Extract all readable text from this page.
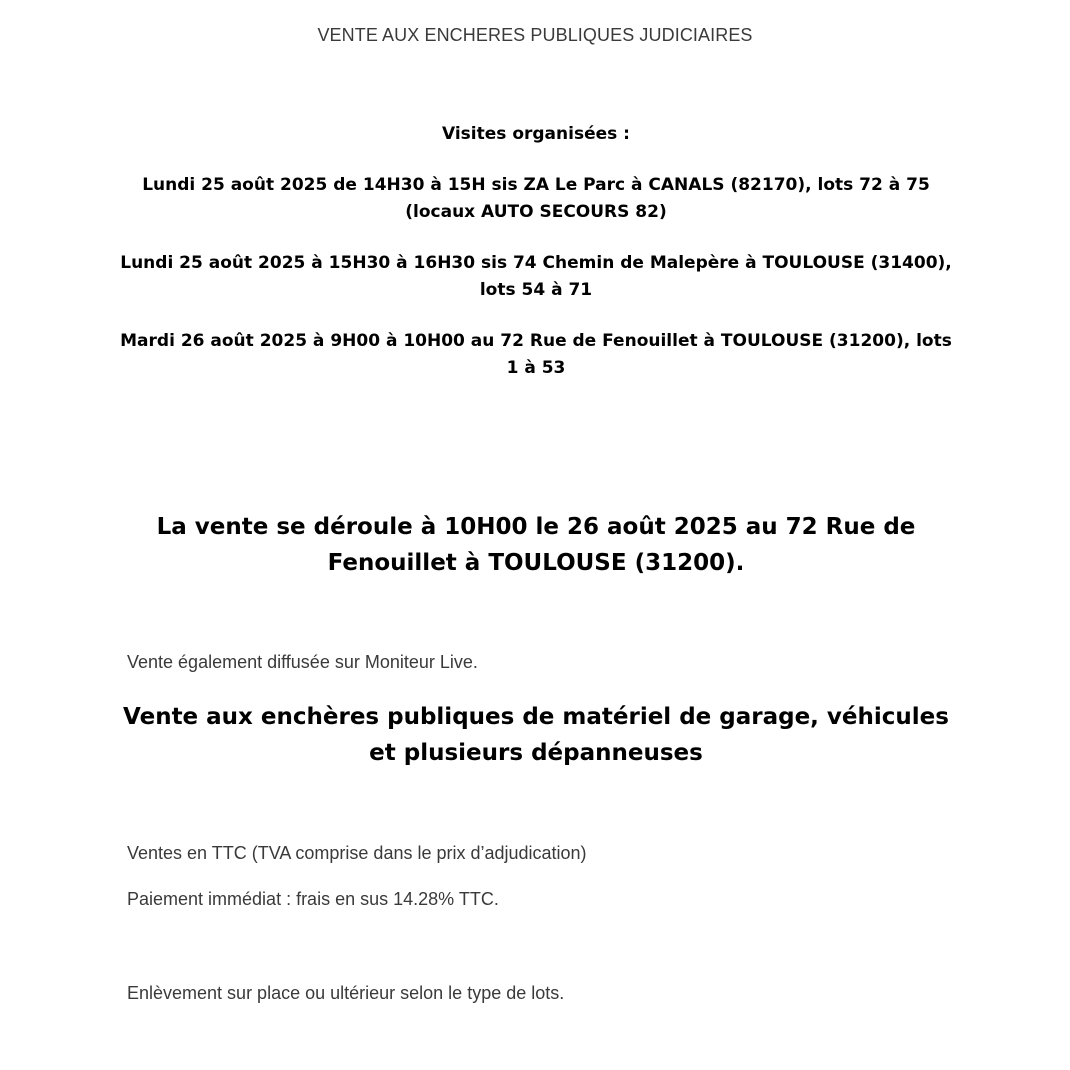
VENTE AUX ENCHERES PUBLIQUES JUDICIAIRES
Visites organisées :
Lundi 25 août 2025 de 14H30 à 15H sis ZA Le Parc à CANALS (82170), lots 72 à 75 (locaux AUTO SECOURS 82)
Lundi 25 août 2025 à 15H30 à 16H30 sis 74 Chemin de Malepère à TOULOUSE (31400), lots 54 à 71
Mardi 26 août 2025 à 9H00 à 10H00 au 72 Rue de Fenouillet à TOULOUSE (31200), lots 1 à 53
La vente se déroule à 10H00 le 26 août 2025 au 72 Rue de Fenouillet à TOULOUSE (31200).
Vente également diffusée sur Moniteur Live.
Vente aux enchères publiques de matériel de garage, véhicules et plusieurs dépanneuses
Ventes en TTC (TVA comprise dans le prix d’adjudication)
Paiement immédiat : frais en sus 14.28% TTC.
Enlèvement sur place ou ultérieur selon le type de lots.
